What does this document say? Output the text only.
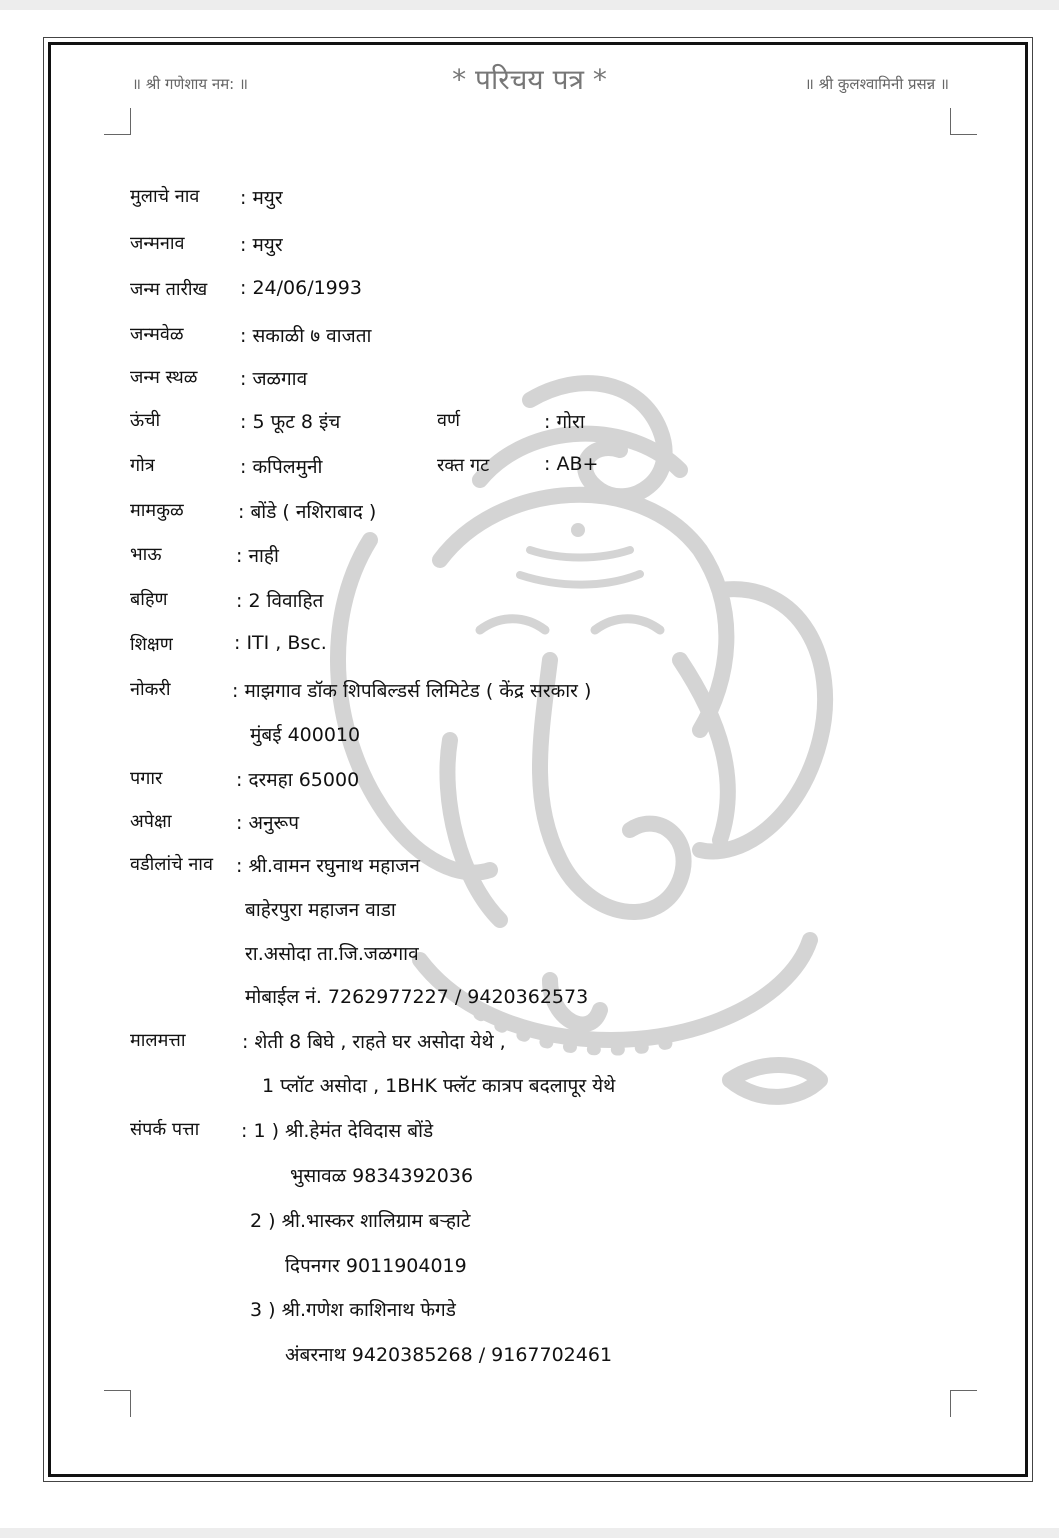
॥ श्री गणेशाय नम: ॥	* परिचय पत्र *	॥ श्री कुलश्वामिनी प्रसन्न ॥
मुलाचे नाव : मयुर
जन्मनाव	: मयुर
जन्म तारीख : 24/06/1993
जन्मवेळ	: सकाळी ७ वाजता
जन्म स्थळ : जळगाव
ऊंची	: 5 फूट 8 इंच	वर्ण	: गोरा
गोत्र	: कपिलमुनी	रक्त गट	: AB+
मामकुळ	: बोंडे ( नशिराबाद )
भाऊ	: नाही
बहिण	: 2 विवाहित
शिक्षण	: ITI , Bsc.
नोकरी	: माझगाव डॉक शिपबिल्डर्स लिमिटेड ( केंद्र सरकार )
मुंबई 400010
पगार	: दरमहा 65000
अपेक्षा	: अनुरूप
वडीलांचे नाव : श्री.वामन रघुनाथ महाजन
बाहेरपुरा महाजन वाडा
रा.असोदा ता.जि.जळगाव
मोबाईल नं. 7262977227 / 9420362573
मालमत्ता	: शेती 8 बिघे , राहते घर असोदा येथे ,
1 प्लॉट असोदा , 1BHK फ्लॅट कात्रप बदलापूर येथे
संपर्क पत्ता : 1 ) श्री.हेमंत देविदास बोंडे
भुसावळ 9834392036
2 ) श्री.भास्कर शालिग्राम बऱ्हाटे
दिपनगर 9011904019
3 ) श्री.गणेश काशिनाथ फेगडे
अंबरनाथ 9420385268 / 9167702461
